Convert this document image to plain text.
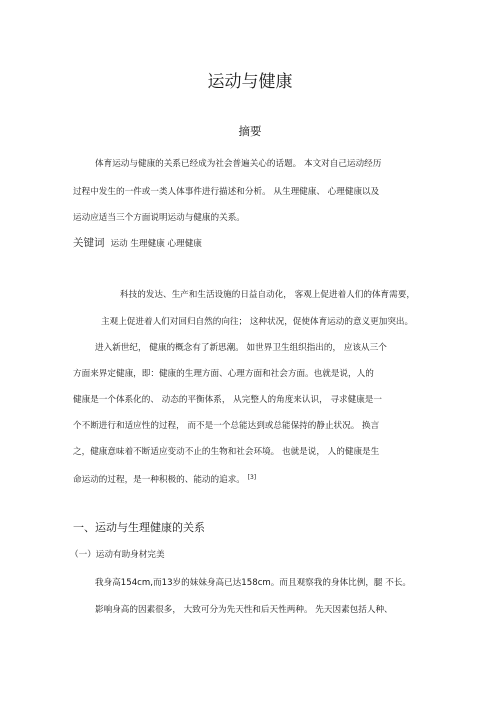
运动与健康
摘要
体育运动与健康的关系已经成为社会普遍关心的话题。 本文对自己运动经历
过程中发生的一件或一类人体事件进行描述和分析。 从生理健康、 心理健康以及
运动应适当三个方面说明运动与健康的关系。
关键词 运动 生理健康 心理健康
科技的发达、生产和生活设施的日益自动化， 客观上促进着人们的体育需要，
主观上促进着人们对回归自然的向往； 这种状况，促使体育运动的意义更加突出。
进入新世纪， 健康的概念有了新思潮。 如世界卫生组织指出的， 应该从三个
方面来界定健康，即：健康的生理方面、心理方面和社会方面。也就是说，人的
健康是一个体系化的、 动态的平衡体系， 从完整人的角度来认识， 寻求健康是一
个不断进行和适应性的过程， 而不是一个总能达到或总能保持的静止状况。 换言
之，健康意味着不断适应变动不止的生物和社会环境。 也就是说， 人的健康是生
命运动的过程，是一种积极的、能动的追求。 [3]
一、运动与生理健康的关系
（一）运动有助身材完美
我身高154cm,而13岁的妹妹身高已达158cm。而且观察我的身体比例，腿 不长。
影响身高的因素很多， 大致可分为先天性和后天性两种。 先天因素包括人种、
